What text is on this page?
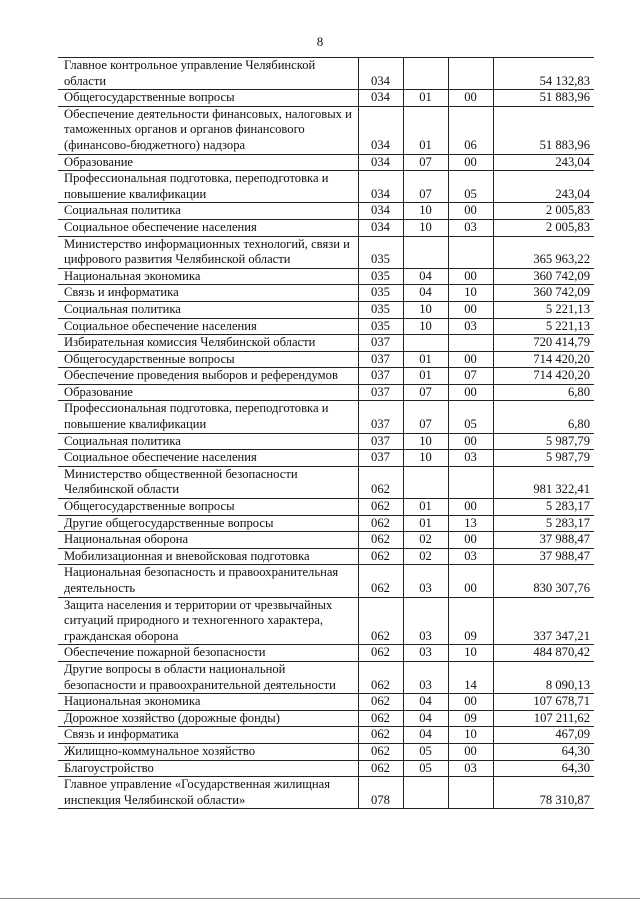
8
Главное контрольное управление Челябинской области	034			54 132,83
Общегосударственные вопросы	034	01	00	51 883,96
Обеспечение деятельности финансовых, налоговых и таможенных органов и органов финансового (финансово-бюджетного) надзора	034	01	06	51 883,96
Образование	034	07	00	243,04
Профессиональная подготовка, переподготовка и повышение квалификации	034	07	05	243,04
Социальная политика	034	10	00	2 005,83
Социальное обеспечение населения	034	10	03	2 005,83
Министерство информационных технологий, связи и цифрового развития Челябинской области	035			365 963,22
Национальная экономика	035	04	00	360 742,09
Связь и информатика	035	04	10	360 742,09
Социальная политика	035	10	00	5 221,13
Социальное обеспечение населения	035	10	03	5 221,13
Избирательная комиссия Челябинской области	037			720 414,79
Общегосударственные вопросы	037	01	00	714 420,20
Обеспечение проведения выборов и референдумов	037	01	07	714 420,20
Образование	037	07	00	6,80
Профессиональная подготовка, переподготовка и повышение квалификации	037	07	05	6,80
Социальная политика	037	10	00	5 987,79
Социальное обеспечение населения	037	10	03	5 987,79
Министерство общественной безопасности Челябинской области	062			981 322,41
Общегосударственные вопросы	062	01	00	5 283,17
Другие общегосударственные вопросы	062	01	13	5 283,17
Национальная оборона	062	02	00	37 988,47
Мобилизационная и вневойсковая подготовка	062	02	03	37 988,47
Национальная безопасность и правоохранительная деятельность	062	03	00	830 307,76
Защита населения и территории от чрезвычайных ситуаций природного и техногенного характера, гражданская оборона	062	03	09	337 347,21
Обеспечение пожарной безопасности	062	03	10	484 870,42
Другие вопросы в области национальной безопасности и правоохранительной деятельности	062	03	14	8 090,13
Национальная экономика	062	04	00	107 678,71
Дорожное хозяйство (дорожные фонды)	062	04	09	107 211,62
Связь и информатика	062	04	10	467,09
Жилищно-коммунальное хозяйство	062	05	00	64,30
Благоустройство	062	05	03	64,30
Главное управление «Государственная жилищная инспекция Челябинской области»	078			78 310,87
